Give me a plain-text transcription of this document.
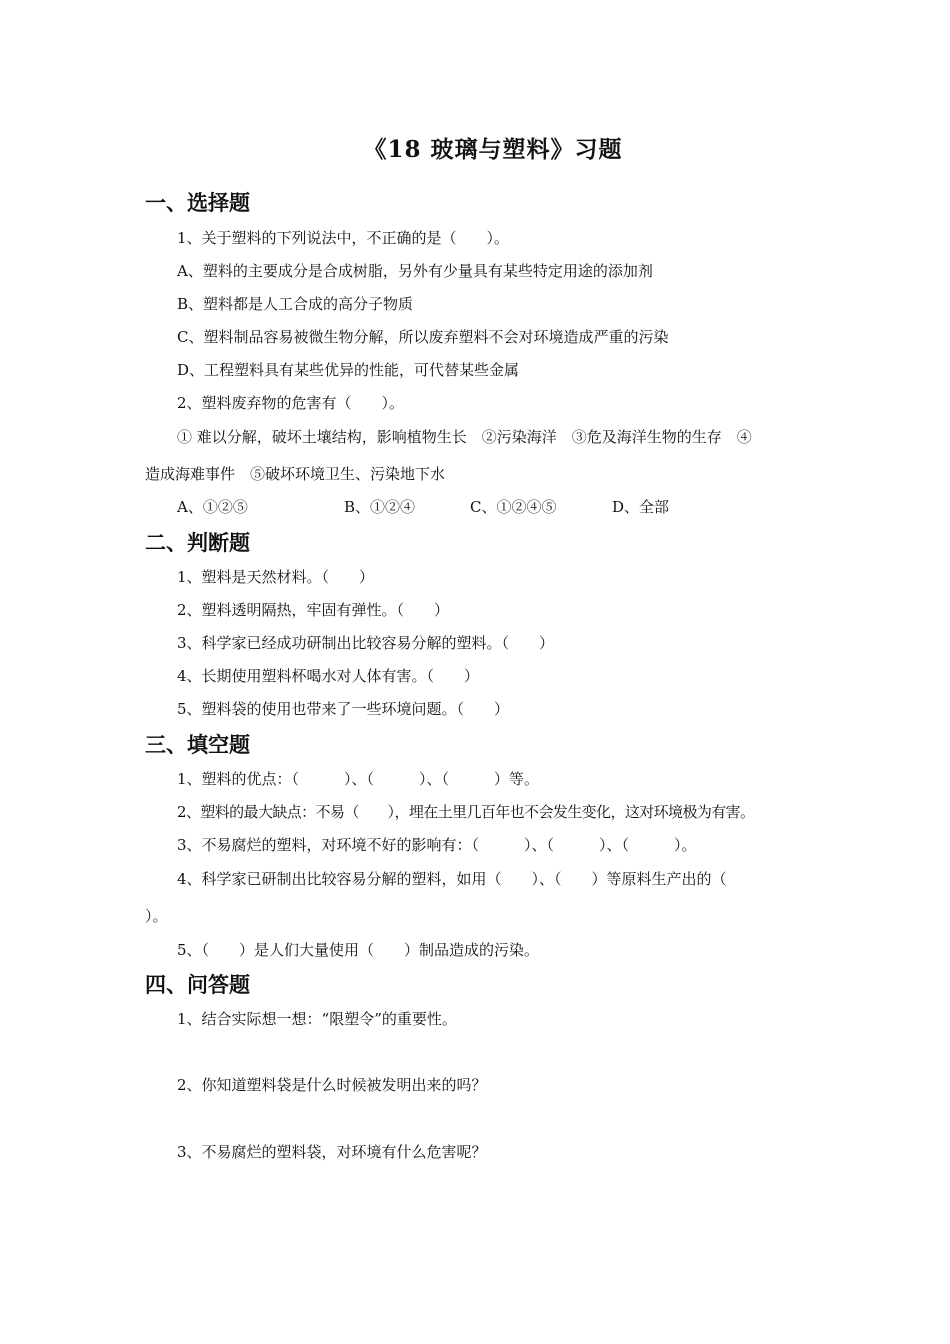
《18 玻璃与塑料》习题
一、选择题
1、关于塑料的下列说法中，不正确的是（　　）。
A、塑料的主要成分是合成树脂，另外有少量具有某些特定用途的添加剂
B、塑料都是人工合成的高分子物质
C、塑料制品容易被微生物分解，所以废弃塑料不会对环境造成严重的污染
D、工程塑料具有某些优异的性能，可代替某些金属
2、塑料废弃物的危害有（　　）。
① 难以分解，破坏土壤结构，影响植物生长　②污染海洋　③危及海洋生物的生存　④
造成海难事件　⑤破坏环境卫生、污染地下水
A、①②⑤	B、①②④	C、①②④⑤	D、全部
二、判断题
1、塑料是天然材料。（　　）
2、塑料透明隔热，牢固有弹性。（　　）
3、科学家已经成功研制出比较容易分解的塑料。（　　）
4、长期使用塑料杯喝水对人体有害。（　　）
5、塑料袋的使用也带来了一些环境问题。（　　）
三、填空题
1、塑料的优点：（　　　）、（　　　）、（　　　）等。
2、塑料的最大缺点：不易（　　），埋在土里几百年也不会发生变化，这对环境极为有害。
3、不易腐烂的塑料，对环境不好的影响有：（　　　）、（　　　）、（　　　）。
4、科学家已研制出比较容易分解的塑料，如用（　　）、（　　）等原料生产出的（
）。
5、（　　）是人们大量使用（　　）制品造成的污染。
四、问答题
1、结合实际想一想：“限塑令”的重要性。
2、你知道塑料袋是什么时候被发明出来的吗？
3、不易腐烂的塑料袋，对环境有什么危害呢？
